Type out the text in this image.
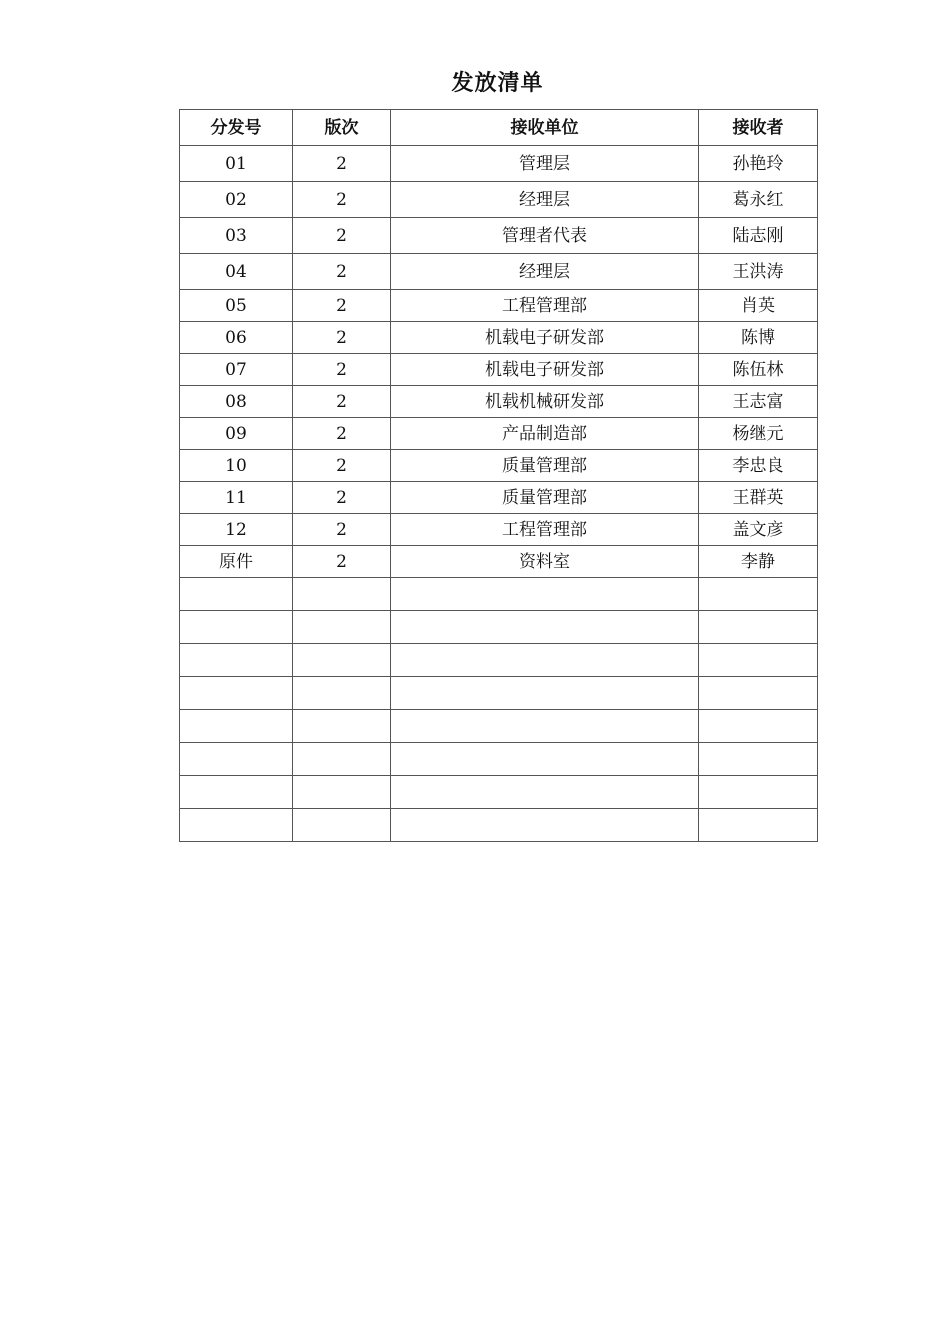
发放清单
分发号	版次	接收单位	接收者
01	2	管理层	孙艳玲
02	2	经理层	葛永红
03	2	管理者代表	陆志刚
04	2	经理层	王洪涛
05	2	工程管理部	肖英
06	2	机载电子研发部	陈博
07	2	机载电子研发部	陈伍林
08	2	机载机械研发部	王志富
09	2	产品制造部	杨继元
10	2	质量管理部	李忠良
11	2	质量管理部	王群英
12	2	工程管理部	盖文彦
原件	2	资料室	李静
